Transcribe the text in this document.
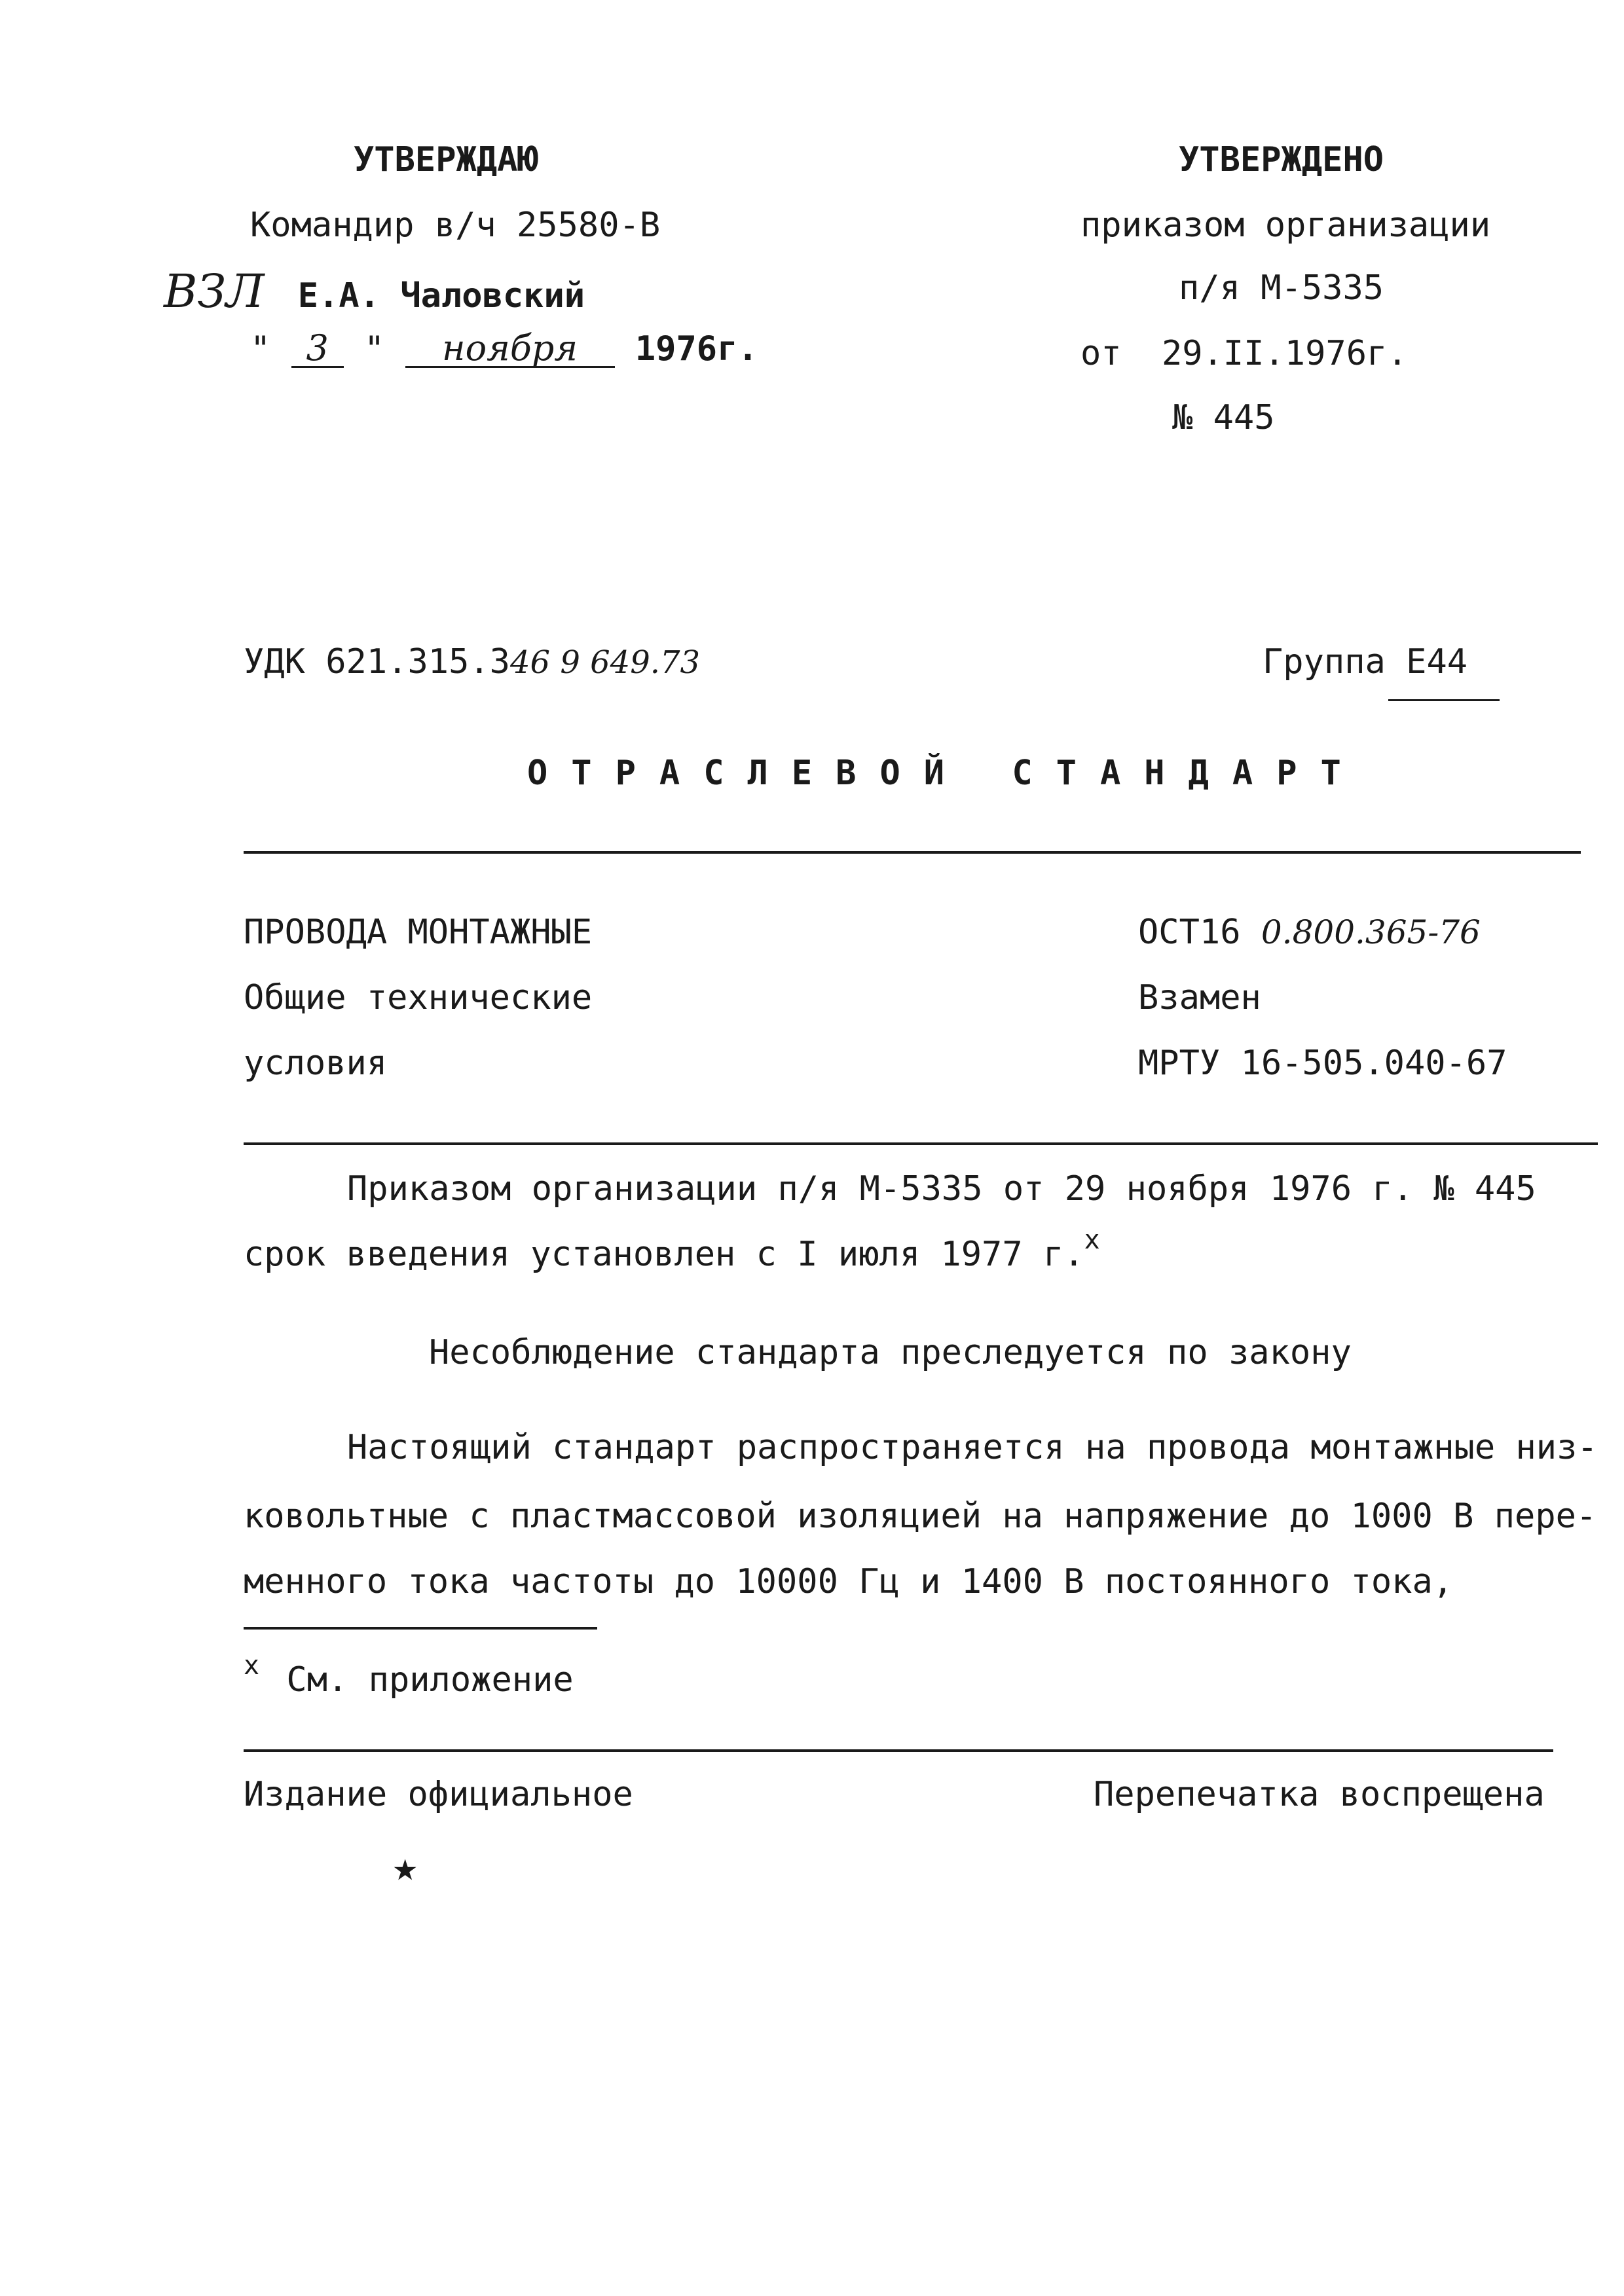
УТВЕРЖДАЮ
Командир в/ч 25580-В
ВЗЛ Е.А. Чаловский
" 3 " ноября 1976г.
УТВЕРЖДЕНО
приказом организации
п/я М-5335
от 29.II.1976г.
№ 445
УДК 621.315.346 9 649.73	Группа Е44
ОТРАСЛЕВОЙ СТАНДАРТ
ПРОВОДА МОНТАЖНЫЕ
Общие технические
условия
ОСТ16 0.800.365-76
Взамен
МРТУ 16-505.040-67
Приказом организации п/я М-5335 от 29 ноября 1976 г. № 445
срок введения установлен с I июля 1977 г.$^x$
Несоблюдение стандарта преследуется по закону
Настоящий стандарт распространяется на провода монтажные низ-
ковольтные с пластмассовой изоляцией на напряжение до 1000 В пере-
менного тока частоты до 10000 Гц и 1400 В постоянного тока,
$^x$ См. приложение
Издание официальное	Перепечатка воспрещена
★
